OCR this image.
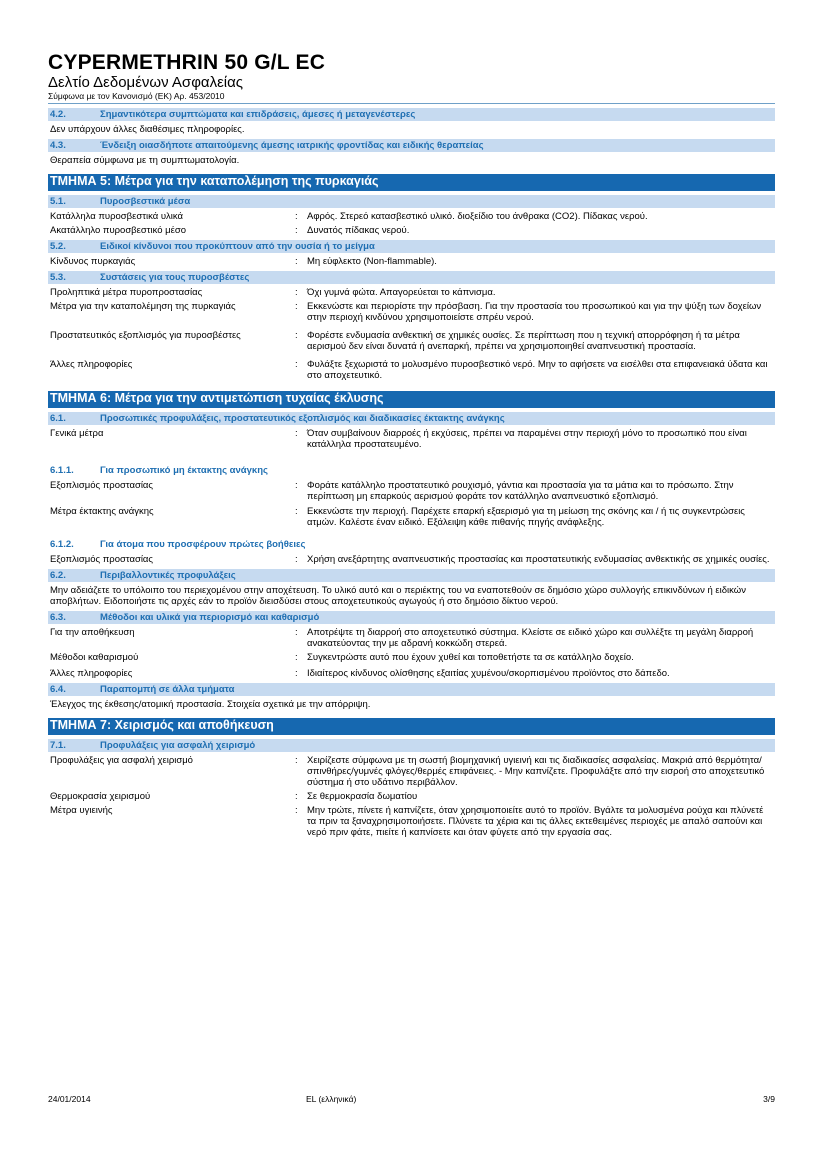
CYPERMETHRIN 50 G/L EC
Δελτίο Δεδομένων Ασφαλείας
Σύμφωνα με τον Κανονισμό (ΕΚ) Αρ. 453/2010
4.2.	Σημαντικότερα συμπτώματα και επιδράσεις, άμεσες ή μεταγενέστερες
Δεν υπάρχουν άλλες διαθέσιμες πληροφορίες.
4.3.	Ένδειξη οιασδήποτε απαιτούμενης άμεσης ιατρικής φροντίδας και ειδικής θεραπείας
Θεραπεία σύμφωνα με τη συμπτωματολογία.
ΤΜΗΜΑ 5: Μέτρα για την καταπολέμηση της πυρκαγιάς
5.1.	Πυροσβεστικά μέσα
Κατάλληλα πυροσβεστικά υλικά	: Αφρός. Στερεό κατασβεστικό υλικό. διοξείδιο του άνθρακα (CO2). Πίδακας νερού.
Ακατάλληλο πυροσβεστικό μέσο	: Δυνατός πίδακας νερού.
5.2.	Ειδικοί κίνδυνοι που προκύπτουν από την ουσία ή το μείγμα
Κίνδυνος πυρκαγιάς	: Μη εύφλεκτο (Non-flammable).
5.3.	Συστάσεις για τους πυροσβέστες
Προληπτικά μέτρα πυροπροστασίας	: Όχι γυμνά φώτα. Απαγορεύεται το κάπνισμα.
Μέτρα για την καταπολέμηση της πυρκαγιάς	: Εκκενώστε και περιορίστε την πρόσβαση. Για την προστασία του προσωπικού και για την ψύξη των δοχείων στην περιοχή κινδύνου χρησιμοποιείστε σπρέυ νερού.
Προστατευτικός εξοπλισμός για πυροσβέστες	: Φορέστε ενδυμασία ανθεκτική σε χημικές ουσίες. Σε περίπτωση που η τεχνική απορρόφηση ή τα μέτρα αερισμού δεν είναι δυνατά ή ανεπαρκή, πρέπει να χρησιμοποιηθεί αναπνευστική προστασία.
Άλλες πληροφορίες	: Φυλάξτε ξεχωριστά το μολυσμένο πυροσβεστικό νερό. Μην το αφήσετε να εισέλθει στα επιφανειακά ύδατα και στο αποχετευτικό.
ΤΜΗΜΑ 6: Μέτρα για την αντιμετώπιση τυχαίας έκλυσης
6.1.	Προσωπικές προφυλάξεις, προστατευτικός εξοπλισμός και διαδικασίες έκτακτης ανάγκης
Γενικά μέτρα	: Όταν συμβαίνουν διαρροές ή εκχύσεις, πρέπει να παραμένει στην περιοχή μόνο το προσωπικό που είναι κατάλληλα προστατευμένο.
6.1.1.	Για προσωπικό μη έκτακτης ανάγκης
Εξοπλισμός προστασίας	: Φοράτε κατάλληλο προστατευτικό ρουχισμό, γάντια και προστασία για τα μάτια και το πρόσωπο. Στην περίπτωση μη επαρκούς αερισμού φοράτε τον κατάλληλο αναπνευστικό εξοπλισμό.
Μέτρα έκτακτης ανάγκης	: Εκκενώστε την περιοχή. Παρέχετε επαρκή εξαερισμό για τη μείωση της σκόνης και / ή τις συγκεντρώσεις ατμών. Καλέστε έναν ειδικό. Εξάλειψη κάθε πιθανής πηγής ανάφλεξης.
6.1.2.	Για άτομα που προσφέρουν πρώτες βοήθειες
Εξοπλισμός προστασίας	: Χρήση ανεξάρτητης αναπνευστικής προστασίας και προστατευτικής ενδυμασίας ανθεκτικής σε χημικές ουσίες.
6.2.	Περιβαλλοντικές προφυλάξεις
Μην αδειάζετε το υπόλοιπο του περιεχομένου στην αποχέτευση. Το υλικό αυτό και ο περιέκτης του να εναποτεθούν σε δημόσιο χώρο συλλογής επικινδύνων ή ειδικών αποβλήτων. Ειδοποιήστε τις αρχές εάν το προϊόν διεισδύσει στους αποχετευτικούς αγωγούς ή στο δημόσιο δίκτυο νερού.
6.3.	Μέθοδοι και υλικά για περιορισμό και καθαρισμό
Για την αποθήκευση	: Αποτρέψτε τη διαρροή στο αποχετευτικό σύστημα. Κλείστε σε ειδικό χώρο και συλλέξτε τη μεγάλη διαρροή ανακατεύοντας την με αδρανή κοκκώδη στερεά.
Μέθοδοι καθαρισμού	: Συγκεντρώστε αυτό που έχουν χυθεί και τοποθετήστε τα σε κατάλληλο δοχείο.
Άλλες πληροφορίες	: Ιδιαίτερος κίνδυνος ολίσθησης εξαιτίας χυμένου/σκορπισμένου προϊόντος στο δάπεδο.
6.4.	Παραπομπή σε άλλα τμήματα
Έλεγχος της έκθεσης/ατομική προστασία. Στοιχεία σχετικά με την απόρριψη.
ΤΜΗΜΑ 7: Χειρισμός και αποθήκευση
7.1.	Προφυλάξεις για ασφαλή χειρισμό
Προφυλάξεις για ασφαλή χειρισμό	: Χειρίζεστε σύμφωνα με τη σωστή βιομηχανική υγιεινή και τις διαδικασίες ασφαλείας. Μακριά από θερμότητα/σπινθήρες/γυμνές φλόγες/θερμές επιφάνειες. - Μην καπνίζετε. Προφυλάξτε από την εισροή στο αποχετευτικό σύστημα ή στο υδάτινο περιβάλλον.
Θερμοκρασία χειρισμού	: Σε θερμοκρασία δωματίου
Μέτρα υγιεινής	: Μην τρώτε, πίνετε ή καπνίζετε, όταν χρησιμοποιείτε αυτό το προϊόν. Βγάλτε τα μολυσμένα ρούχα και πλύνετέ τα πριν τα ξαναχρησιμοποιήσετε. Πλύνετε τα χέρια και τις άλλες εκτεθειμένες περιοχές με απαλό σαπούνι και νερό πριν φάτε, πιείτε ή καπνίσετε και όταν φύγετε από την εργασία σας.
24/01/2014	EL (ελληνικά)	3/9
